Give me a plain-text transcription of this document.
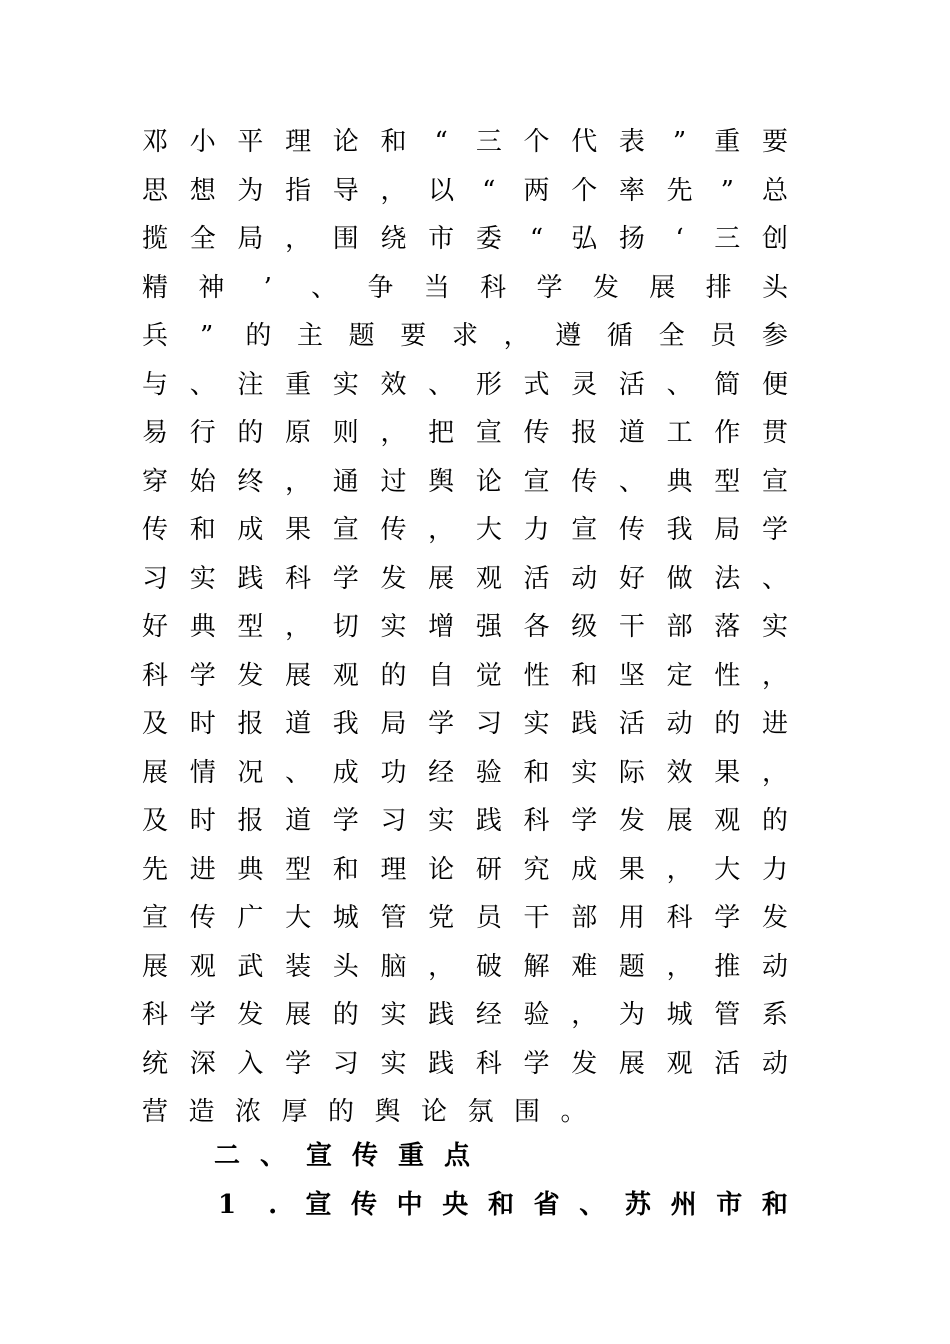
邓 小 平 理 论 和 “ 三 个 代 表 ” 重 要
思 想 为 指 导 ， 以 “ 两 个 率 先 ” 总
揽 全 局 ， 围 绕 市 委 “ 弘 扬	‘	三 创
精 神	’	、 争 当 科 学 发 展 排 头
兵 ” 的 主 题 要 求 ， 遵 循 全 员 参
与 、 注 重 实 效 、 形 式 灵 活 、 简 便
易 行 的 原 则 ， 把 宣 传 报 道 工 作 贯
穿 始 终 ， 通 过 舆 论 宣 传 、 典 型 宣
传 和 成 果 宣 传 ， 大 力 宣 传 我 局 学
习 实 践 科 学 发 展 观 活 动 好 做 法 、
好 典 型 ， 切 实 增 强 各 级 干 部 落 实
科 学 发 展 观 的 自 觉 性 和 坚 定 性 ，
及 时 报 道 我 局 学 习 实 践 活 动 的 进
展 情 况 、 成 功 经 验 和 实 际 效 果 ，
及 时 报 道 学 习 实 践 科 学 发 展 观 的
先 进 典 型 和 理 论 研 究 成 果 ， 大 力
宣 传 广 大 城 管 党 员 干 部 用 科 学 发
展 观 武 装 头 脑 ， 破 解 难 题 ， 推 动
科 学 发 展 的 实 践 经 验 ， 为 城 管 系
统 深 入 学 习 实 践 科 学 发 展 观 活 动
营 造 浓 厚 的 舆 论 氛 围 。
二 、 宣 传 重 点
1	.	宣 传 中 央 和 省 、 苏 州 市 和
